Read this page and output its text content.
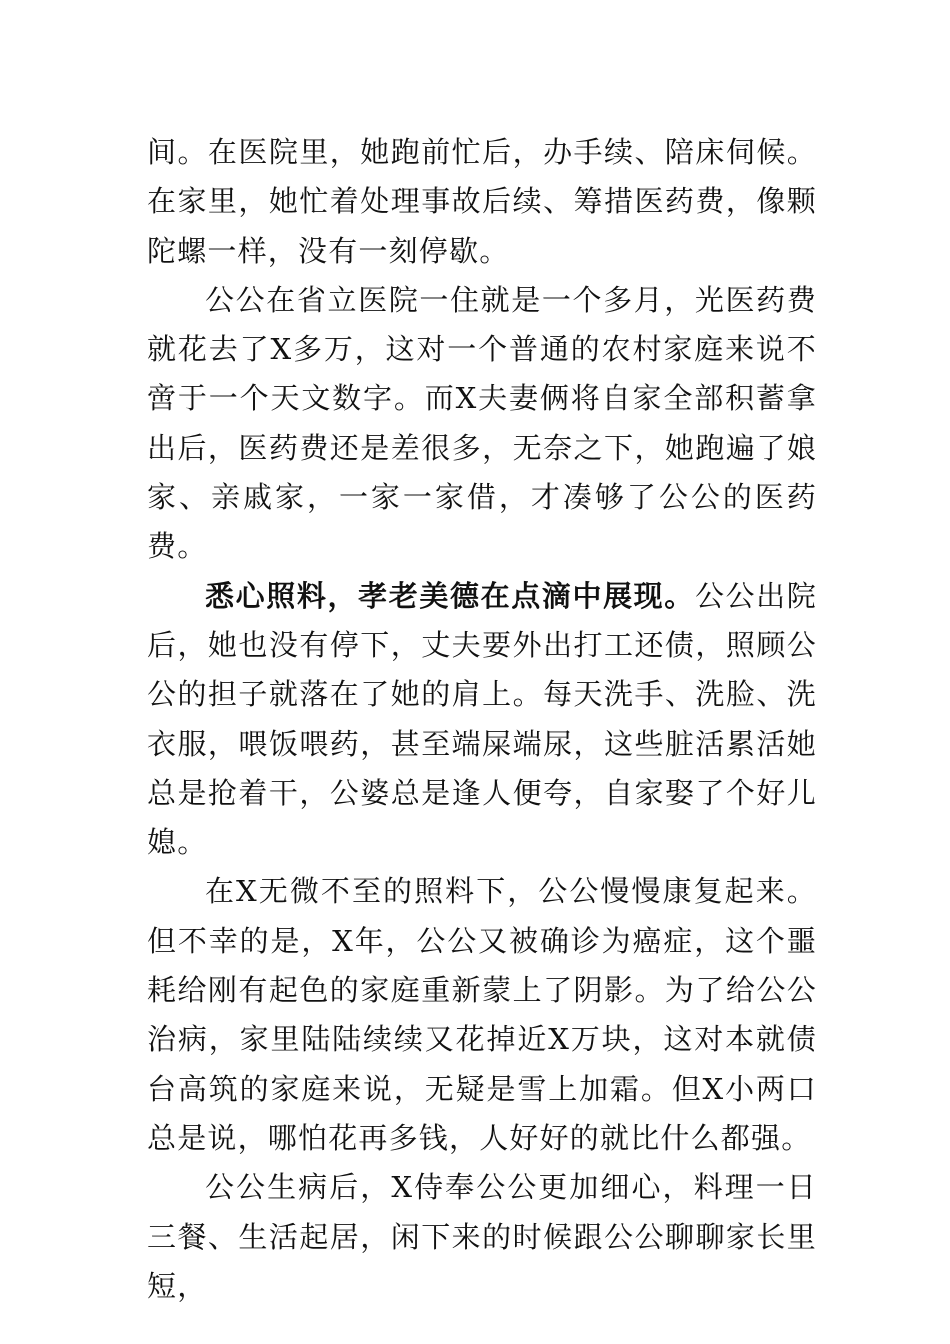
间。在医院里，她跑前忙后，办手续、陪床伺候。在家里，她忙着处理事故后续、筹措医药费，像颗陀螺一样，没有一刻停歇。

公公在省立医院一住就是一个多月，光医药费就花去了X多万，这对一个普通的农村家庭来说不啻于一个天文数字。而X夫妻俩将自家全部积蓄拿出后，医药费还是差很多，无奈之下，她跑遍了娘家、亲戚家，一家一家借，才凑够了公公的医药费。

悉心照料，孝老美德在点滴中展现。公公出院后，她也没有停下，丈夫要外出打工还债，照顾公公的担子就落在了她的肩上。每天洗手、洗脸、洗衣服，喂饭喂药，甚至端屎端尿，这些脏活累活她总是抢着干，公婆总是逢人便夸，自家娶了个好儿媳。

在X无微不至的照料下，公公慢慢康复起来。但不幸的是，X年，公公又被确诊为癌症，这个噩耗给刚有起色的家庭重新蒙上了阴影。为了给公公治病，家里陆陆续续又花掉近X万块，这对本就债台高筑的家庭来说，无疑是雪上加霜。但X小两口总是说，哪怕花再多钱，人好好的就比什么都强。

公公生病后，X侍奉公公更加细心，料理一日三餐、生活起居，闲下来的时候跟公公聊聊家长里短，
